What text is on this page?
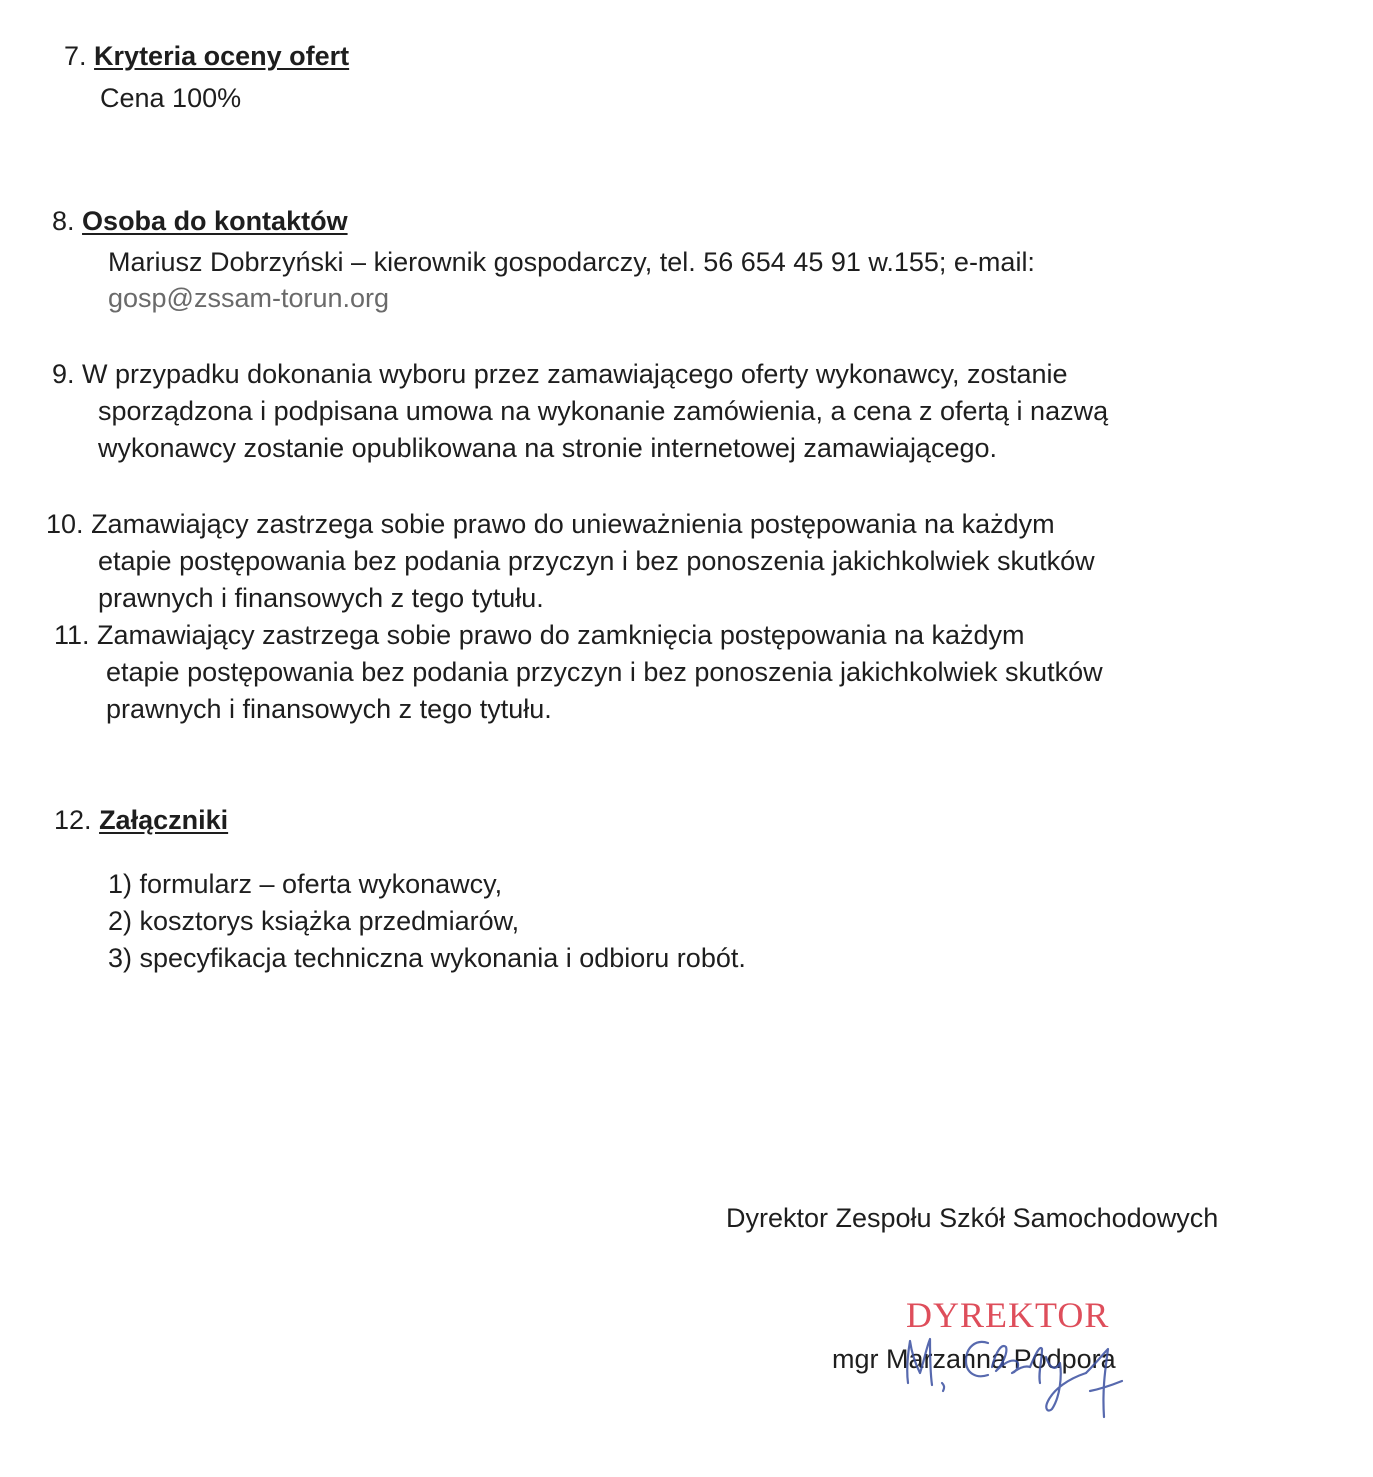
7. Kryteria oceny ofert
Cena 100%
8. Osoba do kontaktów
Mariusz Dobrzyński – kierownik gospodarczy, tel. 56 654 45 91 w.155; e-mail:
gosp@zssam-torun.org
9. W przypadku dokonania wyboru przez zamawiającego oferty wykonawcy, zostanie
sporządzona i podpisana umowa na wykonanie zamówienia, a cena z ofertą i nazwą
wykonawcy zostanie opublikowana na stronie internetowej zamawiającego.
10. Zamawiający zastrzega sobie prawo do unieważnienia postępowania na każdym
etapie postępowania bez podania przyczyn i bez ponoszenia jakichkolwiek skutków
prawnych i finansowych z tego tytułu.
11. Zamawiający zastrzega sobie prawo do zamknięcia postępowania na każdym
etapie postępowania bez podania przyczyn i bez ponoszenia jakichkolwiek skutków
prawnych i finansowych z tego tytułu.
12. Załączniki
1) formularz – oferta wykonawcy,
2) kosztorys książka przedmiarów,
3) specyfikacja techniczna wykonania i odbioru robót.
Dyrektor Zespołu Szkół Samochodowych
DYREKTOR
mgr Marzanna Podpora
